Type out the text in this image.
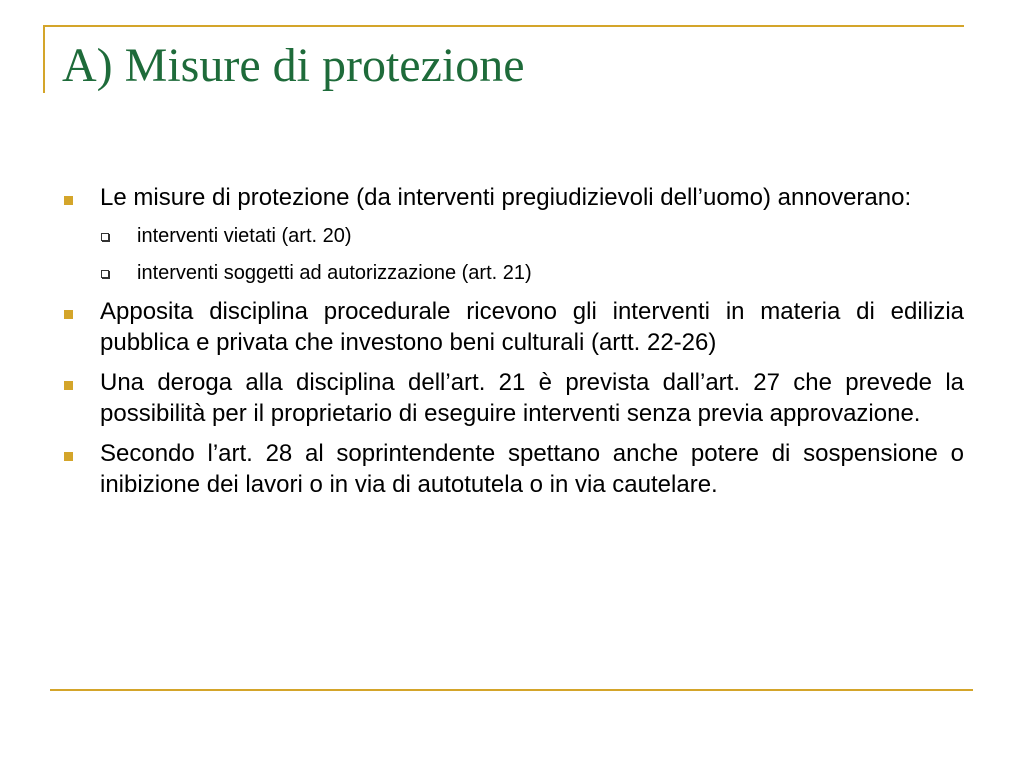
A) Misure di protezione
Le misure di protezione (da interventi pregiudizievoli dell’uomo) annoverano:
interventi vietati (art. 20)
interventi soggetti ad autorizzazione (art. 21)
Apposita disciplina procedurale ricevono gli interventi in materia di edilizia pubblica e privata che investono beni culturali (artt. 22-26)
Una deroga alla disciplina dell’art. 21 è prevista dall’art. 27 che prevede la possibilità per il proprietario di eseguire interventi senza previa approvazione.
Secondo l’art. 28 al soprintendente spettano anche potere di sospensione o inibizione dei lavori o in via di autotutela o in via cautelare.
